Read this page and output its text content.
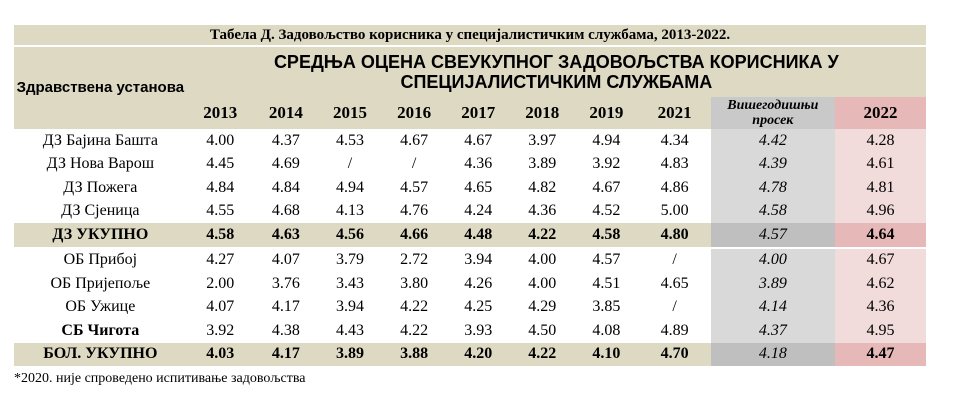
Табела Д. Задовољство корисника у специјалистичким службама, 2013-2022.
Здравствена установа	СРЕДЊА ОЦЕНА СВЕУКУПНОГ ЗАДОВОЉСТВА КОРИСНИКА У СПЕЦИЈАЛИСТИЧКИМ СЛУЖБАМА									
	2013	2014	2015	2016	2017	2018	2019	2021	Вишегодишњи просек	2022
ДЗ Бајина Башта	4.00	4.37	4.53	4.67	4.67	3.97	4.94	4.34	4.42	4.28
ДЗ Нова Варош	4.45	4.69	/	/	4.36	3.89	3.92	4.83	4.39	4.61
ДЗ Пожега	4.84	4.84	4.94	4.57	4.65	4.82	4.67	4.86	4.78	4.81
ДЗ Сјеница	4.55	4.68	4.13	4.76	4.24	4.36	4.52	5.00	4.58	4.96
ДЗ УКУПНО	4.58	4.63	4.56	4.66	4.48	4.22	4.58	4.80	4.57	4.64
ОБ Прибој	4.27	4.07	3.79	2.72	3.94	4.00	4.57	/	4.00	4.67
ОБ Пријепоље	2.00	3.76	3.43	3.80	4.26	4.00	4.51	4.65	3.89	4.62
ОБ Ужице	4.07	4.17	3.94	4.22	4.25	4.29	3.85	/	4.14	4.36
СБ Чигота	3.92	4.38	4.43	4.22	3.93	4.50	4.08	4.89	4.37	4.95
БОЛ. УКУПНО	4.03	4.17	3.89	3.88	4.20	4.22	4.10	4.70	4.18	4.47
*2020. није спроведено испитивање задовољства
